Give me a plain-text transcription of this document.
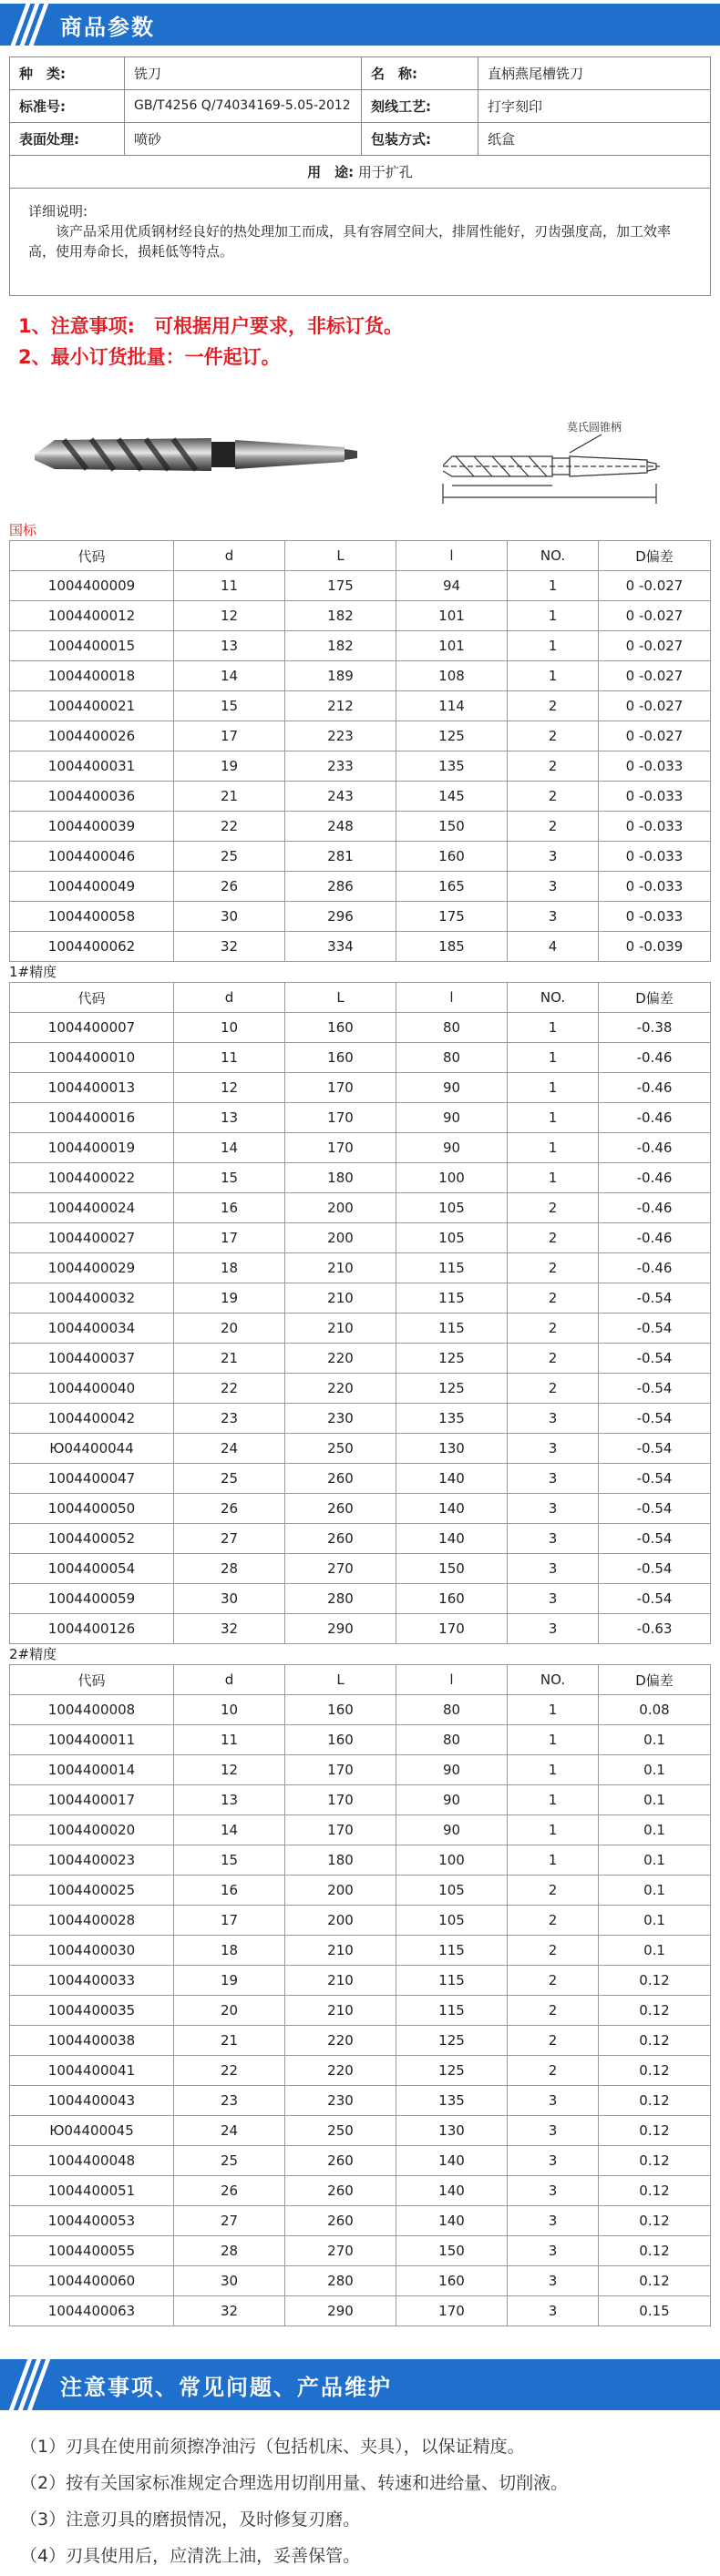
商品参数
种　类:	铣刀	名　称:	直柄燕尾槽铣刀
标准号:	GB/T4256 Q/74034169-5.05-2012	刻线工艺:	打字刻印
表面处理:	喷砂	包装方式:	纸盒
用　途: 用于扩孔			
详细说明:
该产品采用优质钢材经良好的热处理加工而成，具有容屑空间大，排屑性能好，刃齿强度高，加工效率高，使用寿命长，损耗低等特点。
1、注意事项:　可根据用户要求，非标订货。
2、最小订货批量：一件起订。
莫氏圆锥柄
国标
代码	d	L	l	NO.	D偏差
1004400009	11	175	94	1	0 -0.027
1004400012	12	182	101	1	0 -0.027
1004400015	13	182	101	1	0 -0.027
1004400018	14	189	108	1	0 -0.027
1004400021	15	212	114	2	0 -0.027
1004400026	17	223	125	2	0 -0.027
1004400031	19	233	135	2	0 -0.033
1004400036	21	243	145	2	0 -0.033
1004400039	22	248	150	2	0 -0.033
1004400046	25	281	160	3	0 -0.033
1004400049	26	286	165	3	0 -0.033
1004400058	30	296	175	3	0 -0.033
1004400062	32	334	185	4	0 -0.039
1#精度
代码	d	L	l	NO.	D偏差
1004400007	10	160	80	1	-0.38
1004400010	11	160	80	1	-0.46
1004400013	12	170	90	1	-0.46
1004400016	13	170	90	1	-0.46
1004400019	14	170	90	1	-0.46
1004400022	15	180	100	1	-0.46
1004400024	16	200	105	2	-0.46
1004400027	17	200	105	2	-0.46
1004400029	18	210	115	2	-0.46
1004400032	19	210	115	2	-0.54
1004400034	20	210	115	2	-0.54
1004400037	21	220	125	2	-0.54
1004400040	22	220	125	2	-0.54
1004400042	23	230	135	3	-0.54
Ю04400044	24	250	130	3	-0.54
1004400047	25	260	140	3	-0.54
1004400050	26	260	140	3	-0.54
1004400052	27	260	140	3	-0.54
1004400054	28	270	150	3	-0.54
1004400059	30	280	160	3	-0.54
1004400126	32	290	170	3	-0.63
2#精度
代码	d	L	l	NO.	D偏差
1004400008	10	160	80	1	0.08
1004400011	11	160	80	1	0.1
1004400014	12	170	90	1	0.1
1004400017	13	170	90	1	0.1
1004400020	14	170	90	1	0.1
1004400023	15	180	100	1	0.1
1004400025	16	200	105	2	0.1
1004400028	17	200	105	2	0.1
1004400030	18	210	115	2	0.1
1004400033	19	210	115	2	0.12
1004400035	20	210	115	2	0.12
1004400038	21	220	125	2	0.12
1004400041	22	220	125	2	0.12
1004400043	23	230	135	3	0.12
Ю04400045	24	250	130	3	0.12
1004400048	25	260	140	3	0.12
1004400051	26	260	140	3	0.12
1004400053	27	260	140	3	0.12
1004400055	28	270	150	3	0.12
1004400060	30	280	160	3	0.12
1004400063	32	290	170	3	0.15
注意事项、常见问题、产品维护
（1）刃具在使用前须擦净油污（包括机床、夹具），以保证精度。
（2）按有关国家标准规定合理选用切削用量、转速和进给量、切削液。
（3）注意刃具的磨损情况，及时修复刃磨。
（4）刃具使用后，应清洗上油，妥善保管。
